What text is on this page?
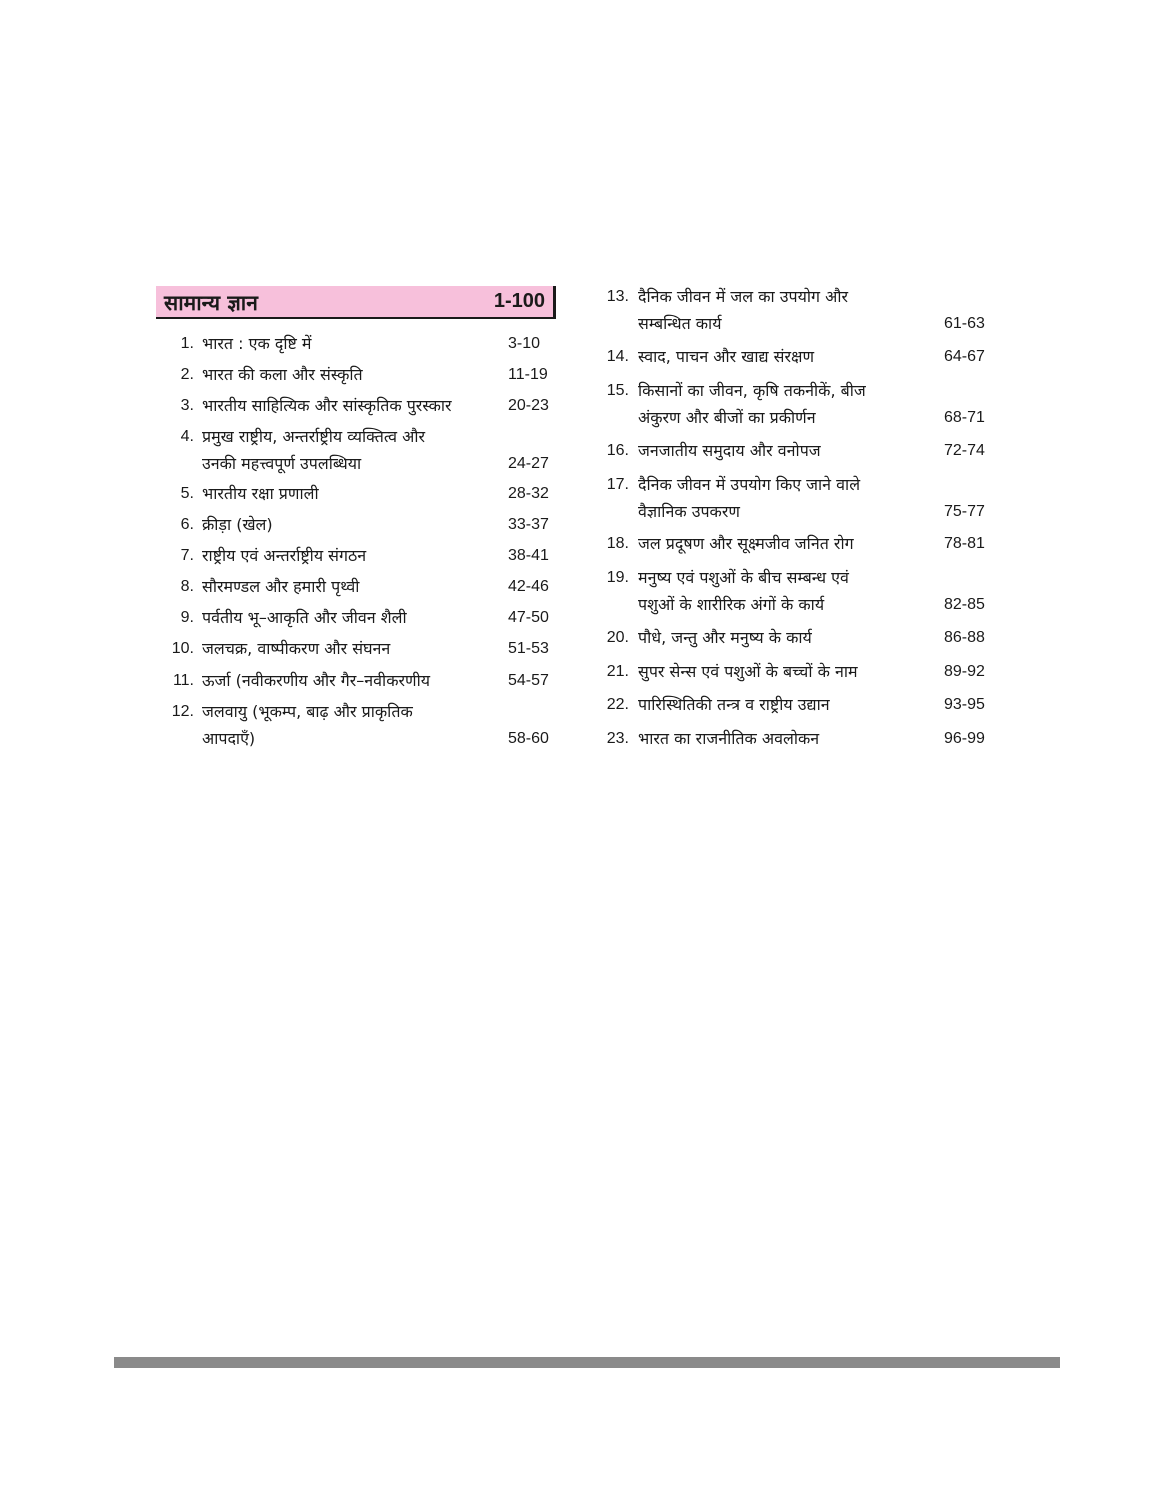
सामान्य ज्ञान	1-100
1. भारत : एक दृष्टि में	3-10
2. भारत की कला और संस्कृति	11-19
3. भारतीय साहित्यिक और सांस्कृतिक पुरस्कार	20-23
4. प्रमुख राष्ट्रीय, अन्तर्राष्ट्रीय व्यक्तित्व और
उनकी महत्त्वपूर्ण उपलब्धिया	24-27
5. भारतीय रक्षा प्रणाली	28-32
6. क्रीड़ा (खेल)	33-37
7. राष्ट्रीय एवं अन्तर्राष्ट्रीय संगठन	38-41
8. सौरमण्डल और हमारी पृथ्वी	42-46
9. पर्वतीय भू–आकृति और जीवन शैली	47-50
10. जलचक्र, वाष्पीकरण और संघनन	51-53
11. ऊर्जा (नवीकरणीय और गैर–नवीकरणीय	54-57
12. जलवायु (भूकम्प, बाढ़ और प्राकृतिक
आपदाएँ)	58-60
13. दैनिक जीवन में जल का उपयोग और
सम्बन्धित कार्य	61-63
14. स्वाद, पाचन और खाद्य संरक्षण	64-67
15. किसानों का जीवन, कृषि तकनीकें, बीज
अंकुरण और बीजों का प्रकीर्णन	68-71
16. जनजातीय समुदाय और वनोपज	72-74
17. दैनिक जीवन में उपयोग किए जाने वाले
वैज्ञानिक उपकरण	75-77
18. जल प्रदूषण और सूक्ष्मजीव जनित रोग	78-81
19. मनुष्य एवं पशुओं के बीच सम्बन्ध एवं
पशुओं के शारीरिक अंगों के कार्य	82-85
20. पौधे, जन्तु और मनुष्य के कार्य	86-88
21. सुपर सेन्स एवं पशुओं के बच्चों के नाम	89-92
22. पारिस्थितिकी तन्त्र व राष्ट्रीय उद्यान	93-95
23. भारत का राजनीतिक अवलोकन	96-99
